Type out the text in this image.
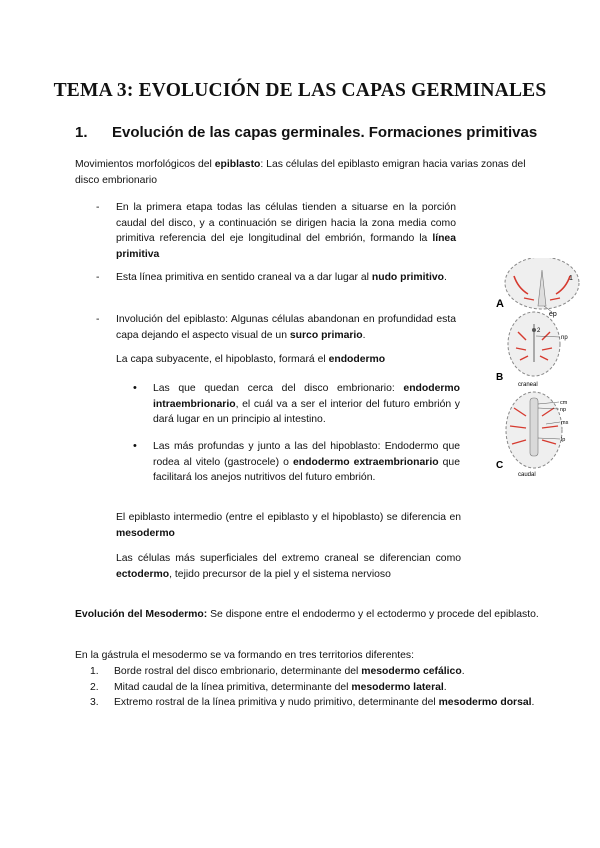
TEMA 3: EVOLUCIÓN DE LAS CAPAS GERMINALES
1.	Evolución de las capas germinales. Formaciones primitivas
Movimientos morfológicos del epiblasto: Las células del epiblasto emigran hacia varias zonas del disco embrionario
-	En la primera etapa todas las células tienden a situarse en la porción caudal del disco, y a continuación se dirigen hacia la zona media como primitiva referencia del eje longitudinal del embrión, formando la línea primitiva
-	Esta línea primitiva en sentido craneal va a dar lugar al nudo primitivo.
-	Involución del epiblasto: Algunas células abandonan en profundidad esta capa dejando el aspecto visual de un surco primario.
La capa subyacente, el hipoblasto, formará el endodermo
•	Las que quedan cerca del disco embrionario: endodermo intraembrionario, el cuál va a ser el interior del futuro embrión y dará lugar en un principio al intestino.
•	Las más profundas y junto a las del hipoblasto: Endodermo que rodea al vitelo (gastrocele) o endodermo extraembrionario que facilitará los anejos nutritivos del futuro embrión.
El epiblasto intermedio (entre el epiblasto y el hipoblasto) se diferencia en mesodermo
Las células más superficiales del extremo craneal se diferencian como ectodermo, tejido precursor de la piel y el sistema nervioso
Evolución del Mesodermo: Se dispone entre el endodermo y el ectodermo y procede del epiblasto.
En la gástrula el mesodermo se va formando en tres territorios diferentes:
1. Borde rostral del disco embrionario, determinante del mesodermo cefálico.
2. Mitad caudal de la línea primitiva, determinante del mesodermo lateral.
3. Extremo rostral de la línea primitiva y nudo primitivo, determinante del mesodermo dorsal.
A
1
ep
2
np
B
craneal
cm
np
ms
lp
C
caudal
